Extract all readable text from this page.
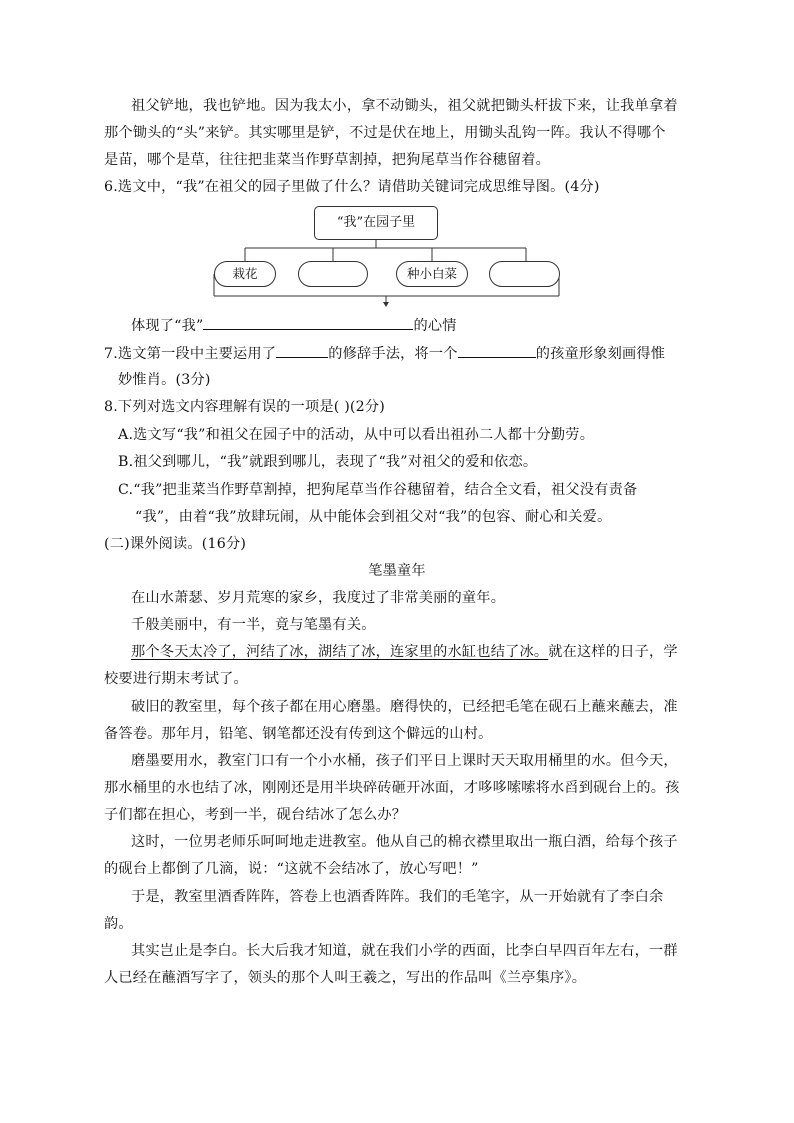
祖父铲地，我也铲地。因为我太小，拿不动锄头，祖父就把锄头杆拔下来，让我单拿着
那个锄头的“头”来铲。其实哪里是铲，不过是伏在地上，用锄头乱钩一阵。我认不得哪个
是苗，哪个是草，往往把韭菜当作野草割掉，把狗尾草当作谷穗留着。
6.选文中，“我”在祖父的园子里做了什么？请借助关键词完成思维导图。(4分)
“我”在园子里
栽花	种小白菜
体现了“我”	的心情
7.选文第一段中主要运用了	的修辞手法，将一个	的孩童形象刻画得惟
妙惟肖。(3分)
8.下列对选文内容理解有误的一项是( )(2分)
A.选文写“我”和祖父在园子中的活动，从中可以看出祖孙二人都十分勤劳。
B.祖父到哪儿，“我”就跟到哪儿，表现了“我”对祖父的爱和依恋。
C.“我”把韭菜当作野草割掉，把狗尾草当作谷穗留着，结合全文看，祖父没有责备
“我”，由着“我”放肆玩闹，从中能体会到祖父对“我”的包容、耐心和关爱。
(二)课外阅读。(16分)
笔墨童年
在山水萧瑟、岁月荒寒的家乡，我度过了非常美丽的童年。
千般美丽中，有一半，竟与笔墨有关。
那个冬天太冷了，河结了冰，湖结了冰，连家里的水缸也结了冰。就在这样的日子，学
校要进行期末考试了。
破旧的教室里，每个孩子都在用心磨墨。磨得快的，已经把毛笔在砚石上蘸来蘸去，准
备答卷。那年月，铅笔、钢笔都还没有传到这个僻远的山村。
磨墨要用水，教室门口有一个小水桶，孩子们平日上课时天天取用桶里的水。但今天，
那水桶里的水也结了冰，刚刚还是用半块碎砖砸开冰面，才哆哆嗦嗦将水舀到砚台上的。孩
子们都在担心，考到一半，砚台结冰了怎么办？
这时，一位男老师乐呵呵地走进教室。他从自己的棉衣襟里取出一瓶白酒，给每个孩子
的砚台上都倒了几滴，说：“这就不会结冰了，放心写吧！”
于是，教室里酒香阵阵，答卷上也酒香阵阵。我们的毛笔字，从一开始就有了李白余
韵。
其实岂止是李白。长大后我才知道，就在我们小学的西面，比李白早四百年左右，一群
人已经在蘸酒写字了，领头的那个人叫王羲之，写出的作品叫《兰亭集序》。
